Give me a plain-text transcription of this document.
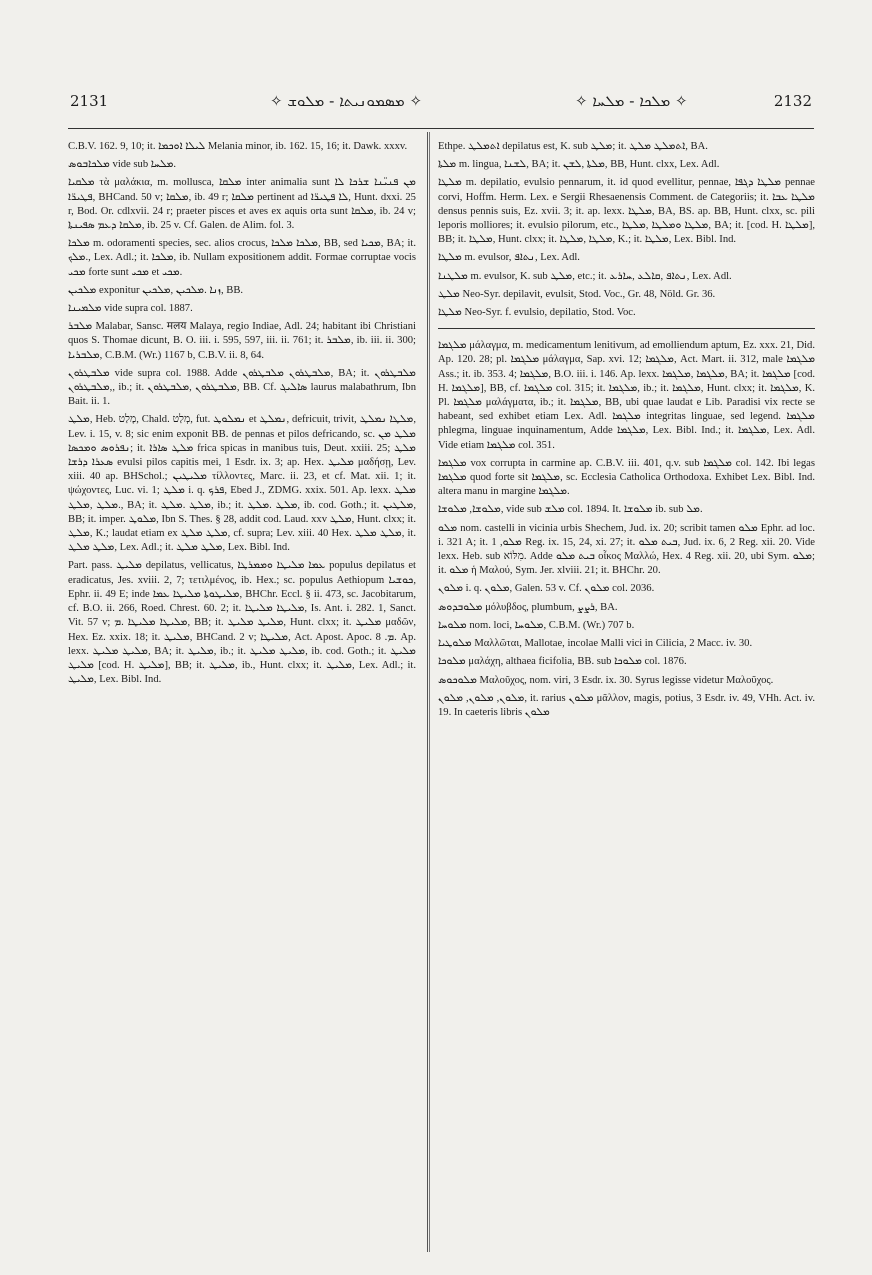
2131	✧ ܡܣܡܘܢܝܬܐ - ܡܠܘܫ ✧	✧ ܡܠܟܐ - ܡܠܚܐ ✧	2132

C.B.V. 162. 9, 10; it. ܠܝܠܐ ܐܘܟܡܐ Melania minor, ib. 162. 15, 16; it. Dawk. xxxv.

ܡܠܟܐܒܘܣ vide sub ܡܠܚܐ.

ܡܠܩܝܐ τὰ μαλάκια, m. mollusca, ܡܠܩܐ inter animalia sunt ܡܢ ܦܢܝ̈ܢܐ ܫܪܟܐ ܠܐ ܦܛܝܪ̈ܐ, BHCand. 50 v; ܡܠܩܐ, ib. 49 r; ܡܠܩܐ pertinent ad ܠܐ ܦܛܝܪ̈ܐ, Hunt. dxxi. 25 r, Bod. Or. cdlxvii. 24 r; praeter pisces et aves ex aquis orta sunt ܡܠܩܐ, ib. 24 v; ܡܠܩܐ ܕܥܡ ܣܦܝܢܬܐ, ib. 25 v. Cf. Galen. de Alim. fol. 3.

ܡܠܟܐ m. odoramenti species, sec. alios crocus, ܡܠܟܐ ܡܠܟܐ, BB, sed ܡܟܝܐ, BA; it. ܡܠܟ., Lex. Adl.; it. ܡܠܟܐ, ib. Nullam expositionem addit. Formae corruptae vocis ܡܟܝ forte sunt ܡܟܝ et ܡܟܝ.

ܡܠܟܝܢ exponitur ܙܢܐ .ܡܠܟܝܢ ,ܡܠܟܝܢ, BB.

ܡܠܡܝܢܐ vide supra col. 1887.

ܡܠܒܪ Malabar, Sansc. मलय Malaya, regio Indiae, Adl. 24; habitant ibi Christiani quos S. Thomae dicunt, B. O. iii. i. 595, 597, iii. ii. 761; it. ܡܠܒܪ, ib. iii. ii. 300; ܡܠܒܪܝܐ, C.B.M. (Wr.) 1167 b, C.B.V. ii. 8, 64.

ܡܠܒܛܪܘܢ vide supra col. 1988. Adde ܡܠܒܛܪܘܢ ܡܠܒܛܪܘܢ, BA; it. ܡܠܒܛܪܘܢ ,ܡܠܒܛܪܘܢ, ib.; it. ܡܠܒܛܪܘܢ ,ܡܠܒܛܪܘܢ, BB. Cf. ܣܐܠܝܓ laurus malabathrum, Ibn Bait. ii. 1.

ܡܠܛ, Heb. מָלַט, Chald. מְלַט, fut. ܢܡܠܘܛ et ܢܡܠܛ, defricuit, trivit, ܡܠܛܐ ܢܡܠܛ, Lev. i. 15, v. 8; sic enim exponit BB. de pennas et pilos defricando, sc. ܡܠܛ ܡܢ ܢܦܪܘܣ ܘܡܟܣܐ; it. ܡܠܛ ܣܐܪܐ frica spicas in manibus tuis, Deut. xxiii. 25; ܡܠܛ ܣܥܪܐ ܕܪܫܐ evulsi pilos capitis mei, 1 Esdr. ix. 3; ap. Hex. ܡܠܝܛ μαδήσῃ, Lev. xiii. 40 ap. BHSchol.; ܡܠܝܛܝܢ τίλλοντες, Marc. ii. 23, et cf. Mat. xii. 1; it. ψώχοντες, Luc. vi. 1; ܡܠܛ i. q. ܦܪܟ, Ebed J., ZDMG. xxix. 501. Ap. lexx. ܡܠܛ .ܡܠܛ ,ܡܠܛ, BA; it. ܡܠܛ .ܡܠܛ, ib.; it. ܡܠܛ .ܡܠܛ, ib. cod. Goth.; it. ܡܠܛܝܢ, BB; it. imper. ܡܠܘܛ, Ibn S. Thes. § 28, addit cod. Laud. xxv ܡܠܛ, Hunt. clxx; it. ܡܠܛ, K.; laudat etiam ex ܡܠܛ ܡܠܛ, cf. supra; Lev. xiii. 40 Hex. ܡܠܛ ܡܠܛ, it. ܡܠܛ ܡܠܛ, Lex. Adl.; it. ܡܠܛ ܡܠܛ, Lex. Bibl. Ind.

Part. pass. ܡܠܝܛ depilatus, vellicatus, ܥܡܐ ܡܠܝܛܐ ܘܡܡܪܛܐ populus depilatus et eradicatus, Jes. xviii. 2, 7; τετιλμένος, ib. Hex.; sc. populus Aethiopum ܟܘܫܝܐ, Ephr. ii. 49 E; inde ܡܠܝܛܘܬܐ ܡܠܝܛܐ ܥܡܐ, BHChr. Eccl. § ii. 473, sc. Jacobitarum, cf. B.O. ii. 266, Roed. Chrest. 60. 2; it. ܡܠܝܛܐ ܡܠܝܛܐ, Is. Ant. i. 282. 1, Sanct. Vit. 57 v; ܡܠܝܛܐ ܡܠܝܛܐ .ܡ, BB; it. ܡܠܝܛ ܡܠܝܛ, Hunt. clxx; it. ܡܠܝܛ μαδῶν, Hex. Ez. xxix. 18; it. ܡܠܝܛ, BHCand. 2 v; ܡܠܝܛܐ, Act. Apost. Apoc. ܡ. 8. Ap. lexx. ܡܠܝܛ ܡܠܝܛ, BA; it. ܡܠܝܛ, ib.; it. ܡܠܝܛ ܡܠܝܛ, ib. cod. Goth.; it. ܡܠܝܛ ܡܠܝܛ [cod. H. ܡܠܝܛ], BB; it. ܡܠܝܛ, ib., Hunt. clxx; it. ܡܠܝܛ, Lex. Adl.; it. ܡܠܝܛ, Lex. Bibl. Ind.

Ethpe. ܐܬܡܠܛ depilatus est, K. sub ܡܠܛ; it. ܐܬܡܠܛ ܡܠܛ, BA.

ܡܠܬܐ m. lingua, ܠܫܢܐ, BA; it. ܡܠܬܐ ,ܠܫܢ, BB, Hunt. clxx, Lex. Adl.

ܡܠܛܐ m. depilatio, evulsio pennarum, it. id quod evellitur, pennae, ܡܠܛܐ ܕܓܦܐ pennae corvi, Hoffm. Herm. Lex. e Sergii Rhesaenensis Comment. de Categoriis; it. ܡܠܛܐ ܥܒܐ densus pennis suis, Ez. xvii. 3; it. ap. lexx. ܡܠܛܐ, BA, BS. ap. BB, Hunt. clxx, sc. pili leporis molliores; it. evulsio pilorum, etc., ܡܠܛܐ ܘܡܠܛܐ ,ܡܠܛܐ, BA; it. [cod. H. ܡܠܛܐ], BB; it. ܡܠܛܐ, Hunt. clxx; it. ܡܠܛܐ ,ܡܠܛܐ, K.; it. ܡܠܛܐ, Lex. Bibl. Ind.

ܡܠܛܐ m. evulsor, ܢܬܐܦ, Lex. Adl.

ܡܠܛܢܐ m. evulsor, K. sub ܡܠܛ, etc.; it. ܢܬܐܦ ,ܩܐܠܥ ,ܚܐܪܥ, Lex. Adl.

ܡܠܛ Neo-Syr. depilavit, evulsit, Stod. Voc., Gr. 48, Nöld. Gr. 36.

ܡܠܛܐ Neo-Syr. f. evulsio, depilatio, Stod. Voc.

ܡܠܓܡܐ μάλαγμα, m. medicamentum lenitivum, ad emolliendum aptum, Ez. xxx. 21, Did. Ap. 120. 28; pl. ܡܠܓܡܐ μάλαγμα, Sap. xvi. 12; ܡܠܓܡܐ, Act. Mart. ii. 312, male ܡܠܓܡܐ Ass.; it. ib. 353. 4; ܡܠܓܡܐ, B.O. iii. i. 146. Ap. lexx. ܡܠܓܡܐ ,ܡܠܓܡܐ, BA; it. ܡܠܓܡܐ [cod. H. ܡܠܓܡܐ], BB, cf. ܡܠܓܡܐ col. 315; it. ܡܠܓܡܐ, ib.; it. ܡܠܓܡܐ, Hunt. clxx; it. ܡܠܓܡܐ, K. Pl. ܡܠܓܡܐ μαλάγματα, ib.; it. ܡܠܓܡܐ, BB, ubi quae laudat e Lib. Paradisi vix recte se habeant, sed exhibet etiam Lex. Adl. ܡܠܓܡܐ integritas linguae, sed legend. ܡܠܓܡܐ phlegma, linguae inquinamentum, Adde ܡܠܓܡܐ, Lex. Bibl. Ind.; it. ܡܠܓܡܐ, Lex. Adl. Vide etiam ܡܠܓܡܐ col. 351.

ܡܠܓܡܐ vox corrupta in carmine ap. C.B.V. iii. 401, q.v. sub ܡܠܓܡܐ col. 142. Ibi legas ܡܠܓܡܐ quod forte sit ܡܠܓܡܐ, sc. Ecclesia Catholica Orthodoxa. Exhibet Lex. Bibl. Ind. altera manu in margine ܡܠܓܡܐ.

ܡܠܘܫܐ, ܡܠܘܫܐ, vide sub ܡܠܫ col. 1894. It. ܡܠܘܫܐ ib. sub ܡܠ.

ܡܠܘ nom. castelli in vicinia urbis Shechem, Jud. ix. 20; scribit tamen ܡܠܘ Ephr. ad loc. i. 321 A; it. ܡܠܘ, 1 Reg. ix. 15, 24, xi. 27; it. ܒܝܬ ܡܠܘ, Jud. ix. 6, 2 Reg. xii. 20. Vide lexx. Heb. sub מִלּוֹא. Adde ܒܝܬ ܡܠܘ οἶκος Μαλλώ, Hex. 4 Reg. xii. 20, ubi Sym. ܡܠܘ; it. ܡܠܘ ἡ Μαλού, Sym. Jer. xlviii. 21; it. BHChr. 20.

ܡܠܘܢ i. q. ܡܠܘܢ, Galen. 53 v. Cf. ܡܠܘܢ col. 2036.

ܡܠܘܒܕܘܣ μόλυβδος, plumbum, ܪܨܨ, BA.

ܡܠܘܚܐ nom. loci, ܡܠܘܚܐ, C.B.M. (Wr.) 707 b.

ܡܠܘܛܝܐ Μαλλῶται, Mallotae, incolae Malli vici in Cilicia, 2 Macc. iv. 30.

ܡܠܘܟܐ μαλάχη, althaea ficifolia, BB. sub ܡܠܘܟܐ col. 1876.

ܡܠܘܟܘܣ Μαλοῦχος, nom. viri, 3 Esdr. ix. 30. Syrus legisse videtur Μαλοῦχος.

ܡܠܘܢ, ܡܠܘܢ, ܡܠܘܢ, it. rarius ܡܠܘܢ μᾶλλον, magis, potius, 3 Esdr. iv. 49, VHh. Act. iv. 19. In caeteris libris ܡܠܘܢ
